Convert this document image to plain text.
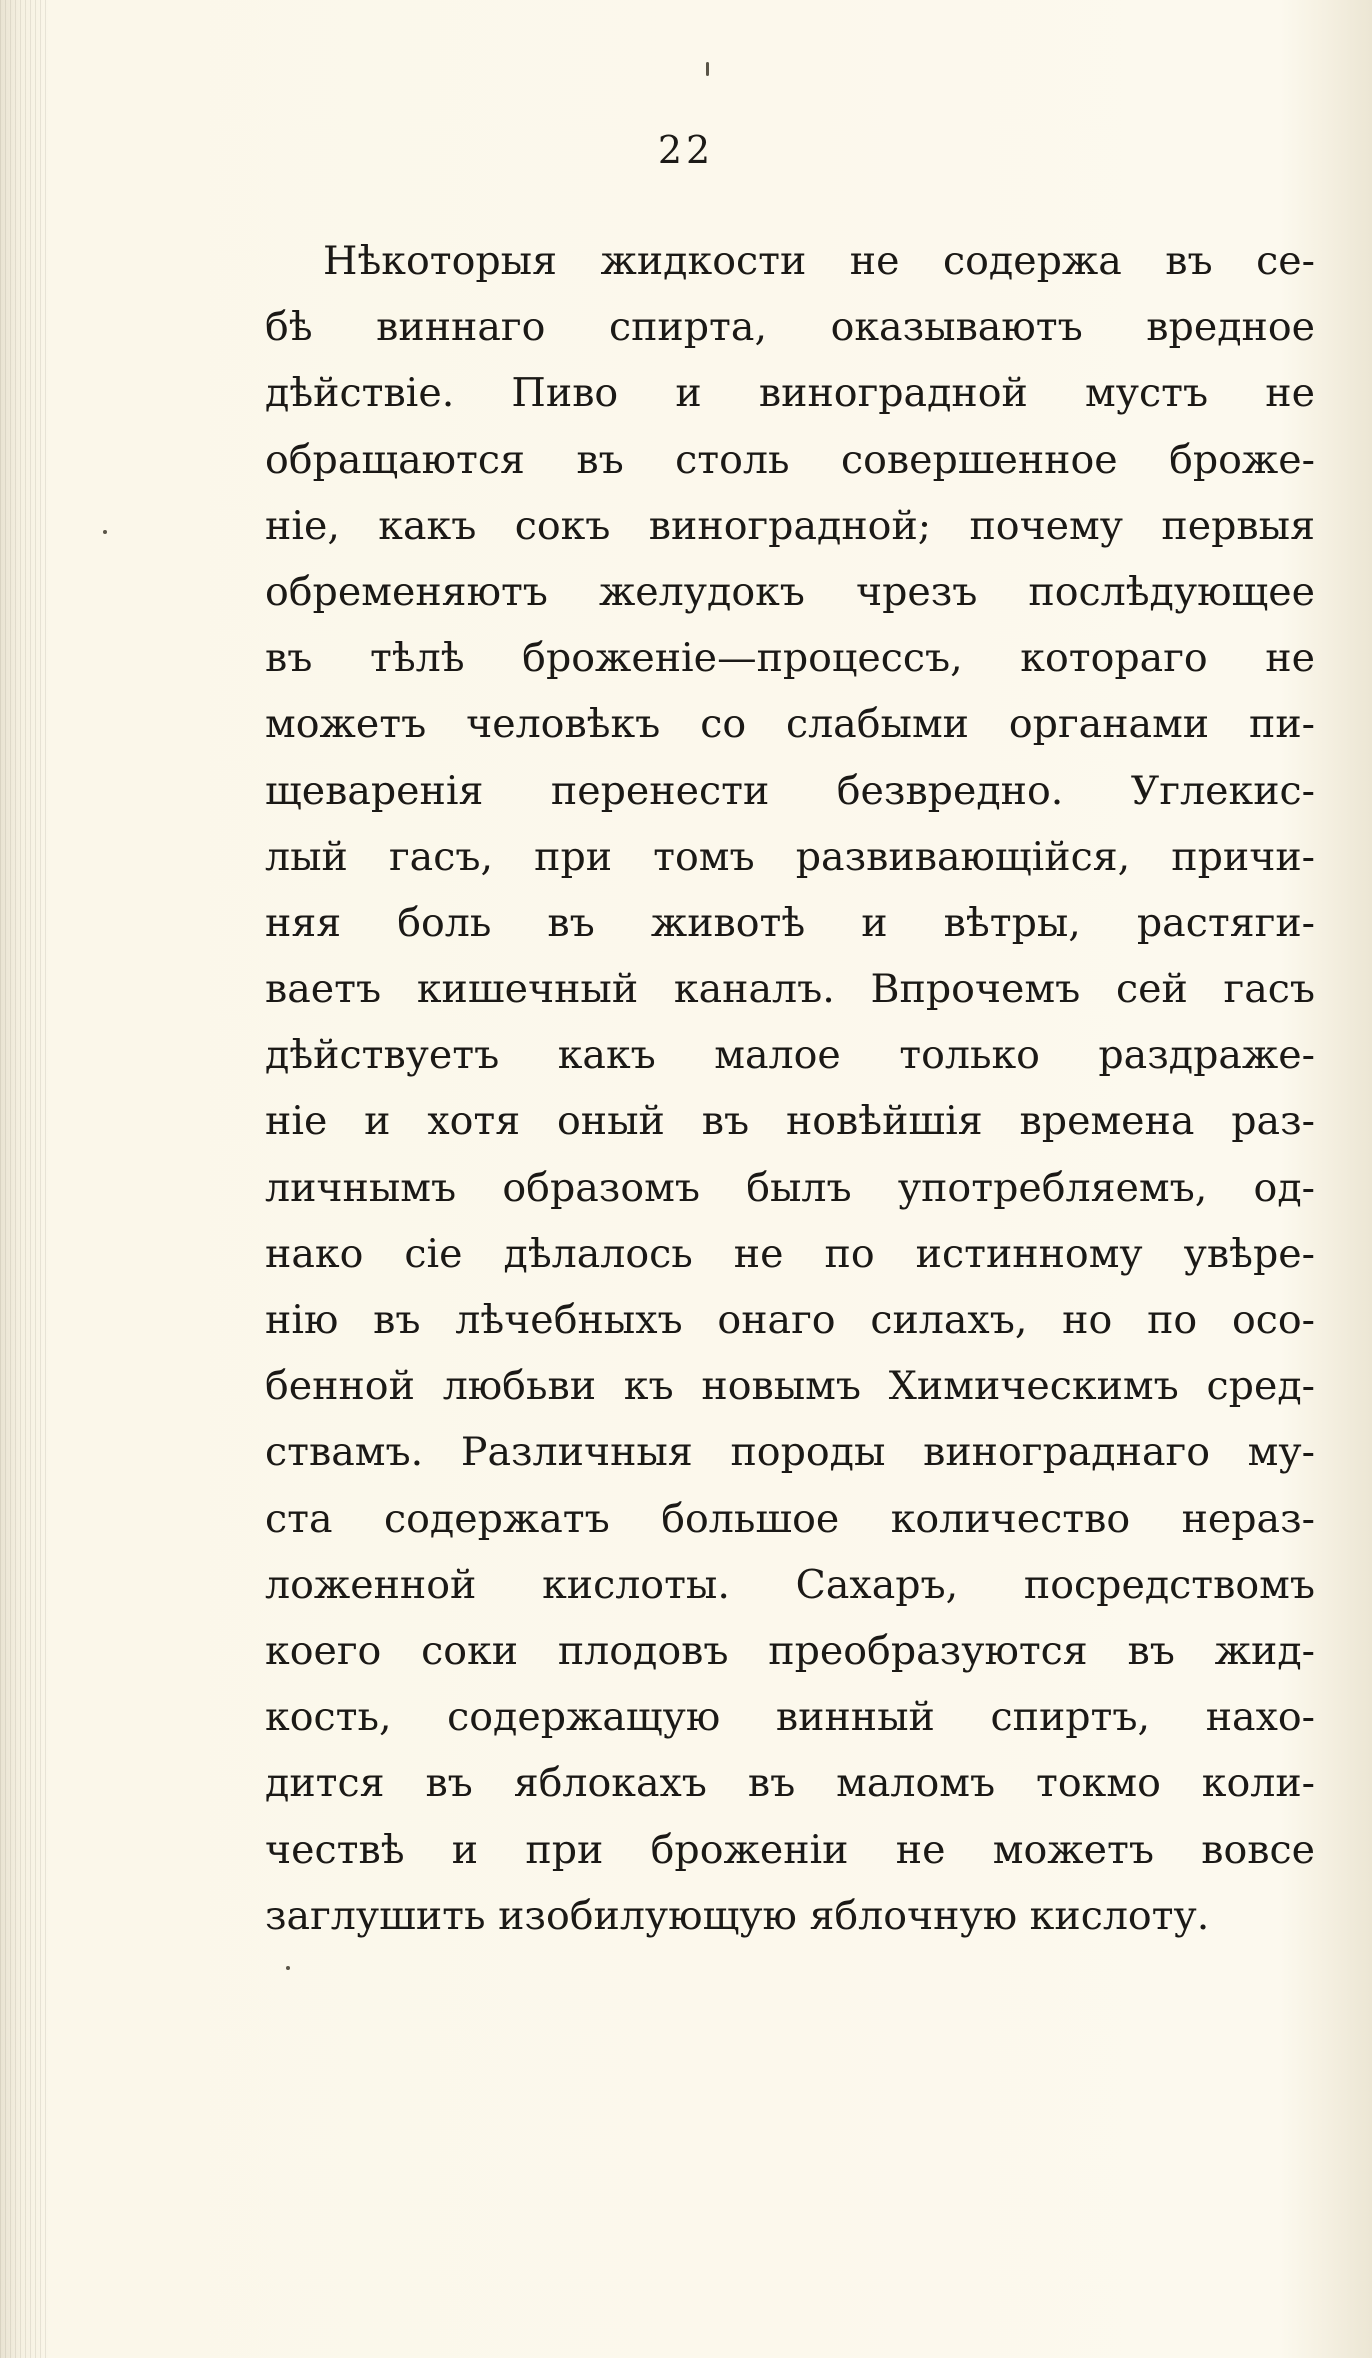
22
Нѣкоторыя жидкости не содержа въ се-
бѣ виннаго спирта, оказываютъ вредное
дѣйствіе. Пиво и виноградной мустъ не
обращаются въ столь совершенное броже-
ніе, какъ сокъ виноградной; почему первыя
обременяютъ желудокъ чрезъ послѣдующее
въ тѣлѣ броженіе—процессъ, котораго не
можетъ человѣкъ со слабыми органами пи-
щеваренія перенести безвредно. Углекис-
лый гасъ, при томъ развивающійся, причи-
няя боль въ животѣ и вѣтры, растяги-
ваетъ кишечный каналъ. Впрочемъ сей гасъ
дѣйствуетъ какъ малое только раздраже-
ніе и хотя оный въ новѣйшія времена раз-
личнымъ образомъ былъ употребляемъ, од-
нако сіе дѣлалось не по истинному увѣре-
нію въ лѣчебныхъ онаго силахъ, но по осо-
бенной любьви къ новымъ Химическимъ сред-
ствамъ. Различныя породы винограднаго му-
ста содержатъ большое количество нераз-
ложенной кислоты. Сахаръ, посредствомъ
коего соки плодовъ преобразуются въ жид-
кость, содержащую винный спиртъ, нахо-
дится въ яблокахъ въ маломъ токмо коли-
чествѣ и при броженіи не можетъ вовсе
заглушить изобилующую яблочную кислоту.
